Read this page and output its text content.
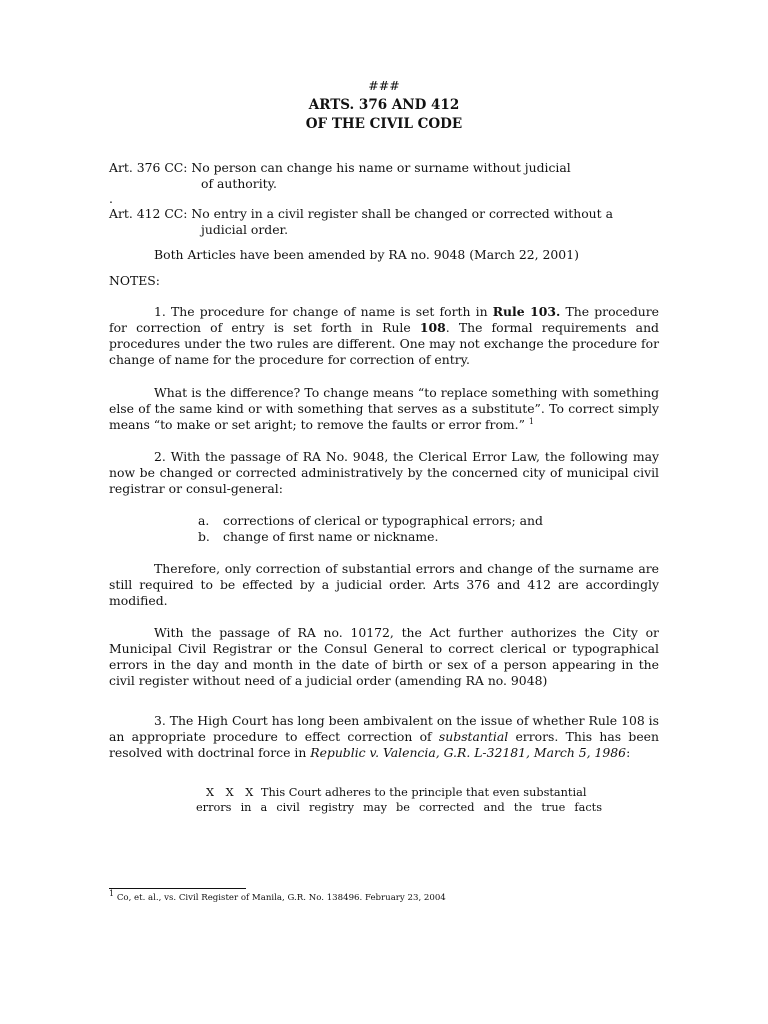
###
ARTS. 376 AND 412
OF THE CIVIL CODE

Art. 376 CC: No person can change his name or surname without judicial

of authority.

.

Art. 412 CC: No entry in a civil register shall be changed or corrected without a

judicial order.

Both Articles have been amended by RA no. 9048 (March 22, 2001)

NOTES:

1. The procedure for change of name is set forth in Rule 103. The procedure for correction of entry is set forth in Rule 108. The formal requirements and procedures under the two rules are different. One may not exchange the procedure for change of name for the procedure for correction of entry.

What is the difference? To change means “to replace something with something else of the same kind or with something that serves as a substitute”. To correct simply means “to make or set aright; to remove the faults or error from.” $^1$

2. With the passage of RA No. 9048, the Clerical Error Law, the following may now be changed or corrected administratively by the concerned city of municipal civil registrar or consul-general:

a.	corrections of clerical or typographical errors; and
b.	change of first name or nickname.

Therefore, only correction of substantial errors and change of the surname are still required to be effected by a judicial order. Arts 376 and 412 are accordingly modified.

With the passage of RA no. 10172, the Act further authorizes the City or Municipal Civil Registrar or the Consul General to correct clerical or typographical errors in the day and month in the date of birth or sex of a person appearing in the civil register without need of a judicial order (amending RA no. 9048)

3. The High Court has long been ambivalent on the issue of whether Rule 108 is an appropriate procedure to effect correction of substantial errors. This has been resolved with doctrinal force in Republic v. Valencia, G.R. L-32181, March 5, 1986:

X X X This Court adheres to the principle that even substantial
errors in a civil registry may be corrected and the true facts
$^1$ Co, et. al., vs. Civil Register of Manila, G.R. No. 138496. February 23, 2004
